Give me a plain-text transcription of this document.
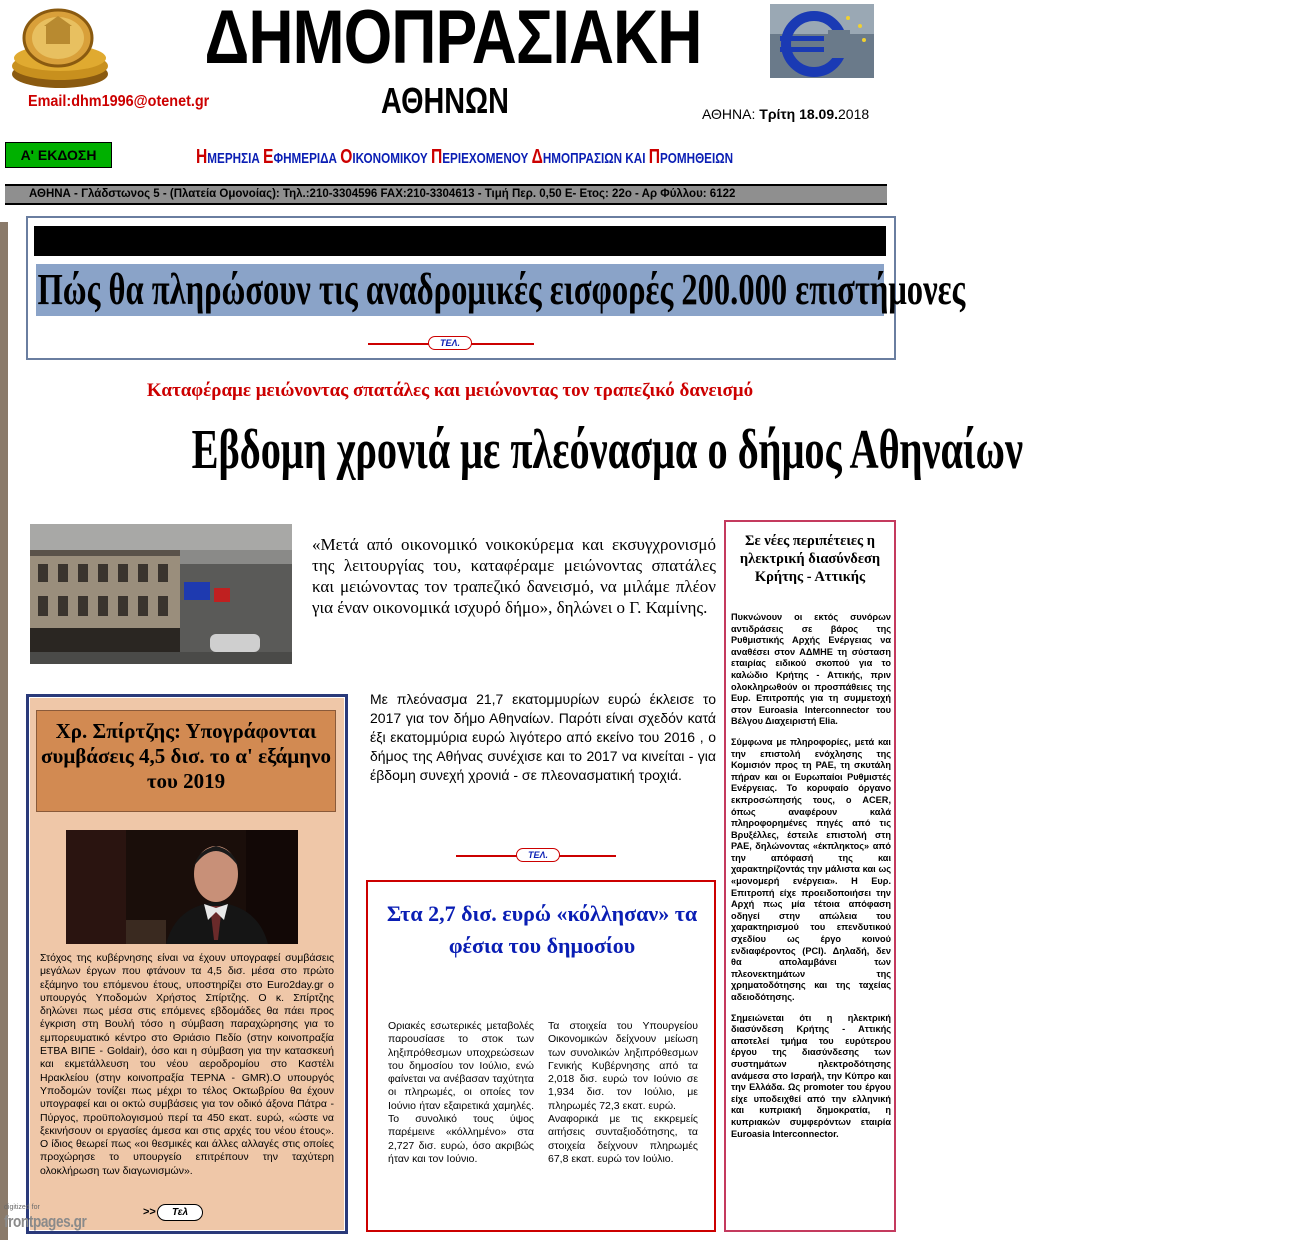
ΔΗΜΟΠΡΑΣΙΑΚΗ
ΑΘΗΝΩΝ
Email:dhm1996@otenet.gr
ΑΘΗΝΑ: Τρίτη 18.09.2018
Α' ΕΚΔΟΣΗ	ΗΜΕΡΗΣΙΑ ΕΦΗΜΕΡΙΔΑ ΟΙΚΟΝΟΜΙΚΟΥ ΠΕΡΙΕΧΟΜΕΝΟΥ ΔΗΜΟΠΡΑΣΙΩΝ ΚΑΙ ΠΡΟΜΗΘΕΙΩΝ
ΑΘΗΝΑ - Γλάδστωνος 5 - (Πλατεία Ομονοίας): Τηλ.:210-3304596 FAX:210-3304613 - Τιμή Περ. 0,50 Ε- Ετος: 22ο - Αρ Φύλλου: 6122
Πώς θα πληρώσουν τις αναδρομικές εισφορές 200.000 επιστήμονες
ΤΕΛ.
Καταφέραμε μειώνοντας σπατάλες και μειώνοντας τον τραπεζικό δανεισμό
Εβδομη χρονιά με πλεόνασμα ο δήμος Αθηναίων
«Μετά από οικονομικό νοικοκύρεμα και εκσυγχρονισμό της λειτουργίας του, καταφέραμε μειώνοντας σπατάλες και μειώνοντας τον τραπεζικό δανεισμό, να μιλάμε πλέον για έναν οικονομικά ισχυρό δήμο», δηλώνει ο Γ. Καμίνης.
Με πλεόνασμα 21,7 εκατομμυρίων ευρώ έκλεισε το 2017 για τον δήμο Αθηναίων. Παρότι είναι σχεδόν κατά έξι εκατομμύρια ευρώ λιγότερο από εκείνο του 2016 , ο δήμος της Αθήνας συνέχισε και το 2017 να κινείται - για έβδομη συνεχή χρονιά - σε πλεονασματική τροχιά.
ΤΕΛ.
Σε νέες περιπέτειες η ηλεκτρική διασύνδεση Κρήτης - Αττικής

Πυκνώνουν οι εκτός συνόρων αντιδράσεις σε βάρος της Ρυθμιστικής Αρχής Ενέργειας να αναθέσει στον ΑΔΜΗΕ τη σύσταση εταιρίας ειδικού σκοπού για το καλώδιο Κρήτης - Αττικής, πριν ολοκληρωθούν οι προσπάθειες της Ευρ. Επιτροπής για τη συμμετοχή στον Euroasia Interconnector του Βέλγου Διαχειριστή Elia.

Σύμφωνα με πληροφορίες, μετά και την επιστολή ενόχλησης της Κομισιόν προς τη ΡΑΕ, τη σκυτάλη πήραν και οι Ευρωπαίοι Ρυθμιστές Ενέργειας. Το κορυφαίο όργανο εκπροσώπησής τους, ο ACER, όπως αναφέρουν καλά πληροφορημένες πηγές από τις Βρυξέλλες, έστειλε επιστολή στη ΡΑΕ, δηλώνοντας «έκπληκτος» από την απόφασή της και χαρακτηρίζοντάς την μάλιστα και ως «μονομερή ενέργεια». Η Ευρ. Επιτροπή είχε προειδοποιήσει την Αρχή πως μία τέτοια απόφαση οδηγεί στην απώλεια του χαρακτηρισμού του επενδυτικού σχεδίου ως έργο κοινού ενδιαφέροντος (PCI). Δηλαδή, δεν θα απολαμβάνει των πλεονεκτημάτων της χρηματοδότησης και της ταχείας αδειοδότησης.

Σημειώνεται ότι η ηλεκτρική διασύνδεση Κρήτης - Αττικής αποτελεί τμήμα του ευρύτερου έργου της διασύνδεσης των συστημάτων ηλεκτροδότησης ανάμεσα στο Ισραήλ, την Κύπρο και την Ελλάδα. Ως promoter του έργου είχε υποδειχθεί από την ελληνική και κυπριακή δημοκρατία, η κυπριακών συμφερόντων εταιρία Euroasia Interconnector.

Χρ. Σπίρτζης: Υπογράφονται συμβάσεις 4,5 δισ. το α' εξάμηνο του 2019
Στόχος της κυβέρνησης είναι να έχουν υπογραφεί συμβάσεις μεγάλων έργων που φτάνουν τα 4,5 δισ. μέσα στο πρώτο εξάμηνο του επόμενου έτους, υποστηρίζει στο Euro2day.gr ο υπουργός Υποδομών Χρήστος Σπίρτζης. Ο κ. Σπίρτζης δηλώνει πως μέσα στις επόμενες εβδομάδες θα πάει προς έγκριση στη Βουλή τόσο η σύμβαση παραχώρησης για το εμπορευματικό κέντρο στο Θριάσιο Πεδίο (στην κοινοπραξία ΕΤΒΑ ΒΙΠΕ - Goldair), όσο και η σύμβαση για την κατασκευή και εκμετάλλευση του νέου αεροδρομίου στο Καστέλι Ηρακλείου (στην κοινοπραξία ΤΕΡΝΑ - GMR).Ο υπουργός Υποδομών τονίζει πως μέχρι το τέλος Οκτωβρίου θα έχουν υπογραφεί και οι οκτώ συμβάσεις για τον οδικό άξονα Πάτρα - Πύργος, προϋπολογισμού περί τα 450 εκατ. ευρώ, «ώστε να ξεκινήσουν οι εργασίες άμεσα και στις αρχές του νέου έτους». Ο ίδιος θεωρεί πως «οι θεσμικές και άλλες αλλαγές στις οποίες προχώρησε το υπουργείο επιτρέπουν την ταχύτερη ολοκλήρωση των διαγωνισμών».
>>	Τελ
Στα 2,7 δισ. ευρώ «κόλλησαν» τα φέσια του δημοσίου
Οριακές εσωτερικές μεταβολές παρουσίασε το στοκ των ληξιπρόθεσμων υποχρεώσεων του δημοσίου τον Ιούλιο, ενώ φαίνεται να ανέβασαν ταχύτητα οι πληρωμές, οι οποίες τον Ιούνιο ήταν εξαιρετικά χαμηλές. Το συνολικό τους ύψος παρέμεινε «κόλλημένο» στα 2,727 δισ. ευρώ, όσο ακριβώς ήταν και τον Ιούνιο.
Τα στοιχεία του Υπουργείου Οικονομικών δείχνουν μείωση των συνολικών ληξιπρόθεσμων Γενικής Κυβέρνησης από τα 2,018 δισ. ευρώ τον Ιούνιο σε 1,934 δισ. τον Ιούλιο, με πληρωμές 72,3 εκατ. ευρώ.
Αναφορικά με τις εκκρεμείς αιτήσεις συνταξιοδότησης, τα στοιχεία δείχνουν πληρωμές 67,8 εκατ. ευρώ τον Ιούλιο.
digitized for
frontpages.gr
